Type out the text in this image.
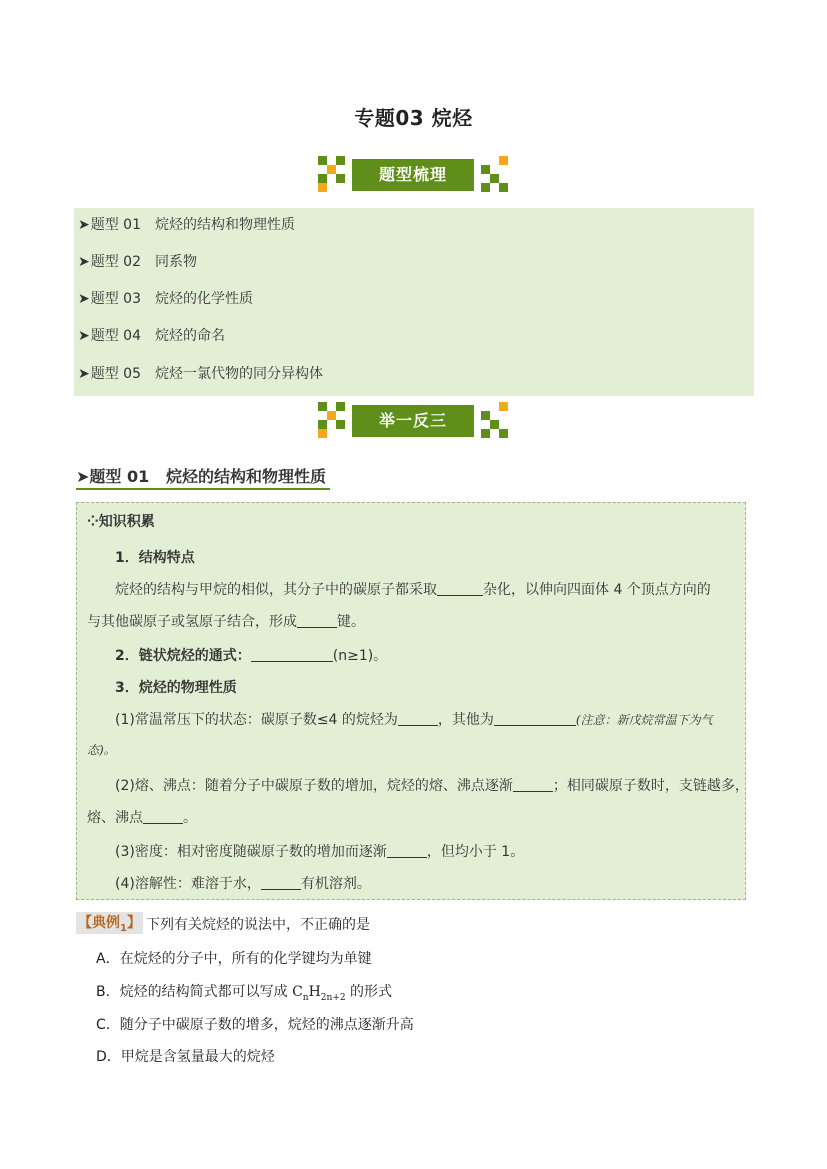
专题03 烷烃
题型梳理
➤题型 01 烷烃的结构和物理性质
➤题型 02 同系物
➤题型 03 烷烃的化学性质
➤题型 04 烷烃的命名
➤题型 05 烷烃一氯代物的同分异构体
举一反三
➤题型 01 烷烃的结构和物理性质
⁘知识积累
1．结构特点
烷烃的结构与甲烷的相似，其分子中的碳原子都采取	杂化，以伸向四面体 4 个顶点方向的
与其他碳原子或氢原子结合，形成	键。
2．链状烷烃的通式：	(n≥1)。
3．烷烃的物理性质
(1)常温常压下的状态：碳原子数≤4 的烷烃为	，其他为	(注意：新戊烷常温下为气
态)。
(2)熔、沸点：随着分子中碳原子数的增加，烷烃的熔、沸点逐渐	；相同碳原子数时，支链越多，
熔、沸点	。
(3)密度：相对密度随碳原子数的增加而逐渐	，但均小于 1。
(4)溶解性：难溶于水，	有机溶剂。
【典例$_1$】 下列有关烷烃的说法中，不正确的是
A．在烷烃的分子中，所有的化学键均为单键
B．烷烃的结构简式都可以写成 $C_nH_{2n+2}$ 的形式
C．随分子中碳原子数的增多，烷烃的沸点逐渐升高
D．甲烷是含氢量最大的烷烃
